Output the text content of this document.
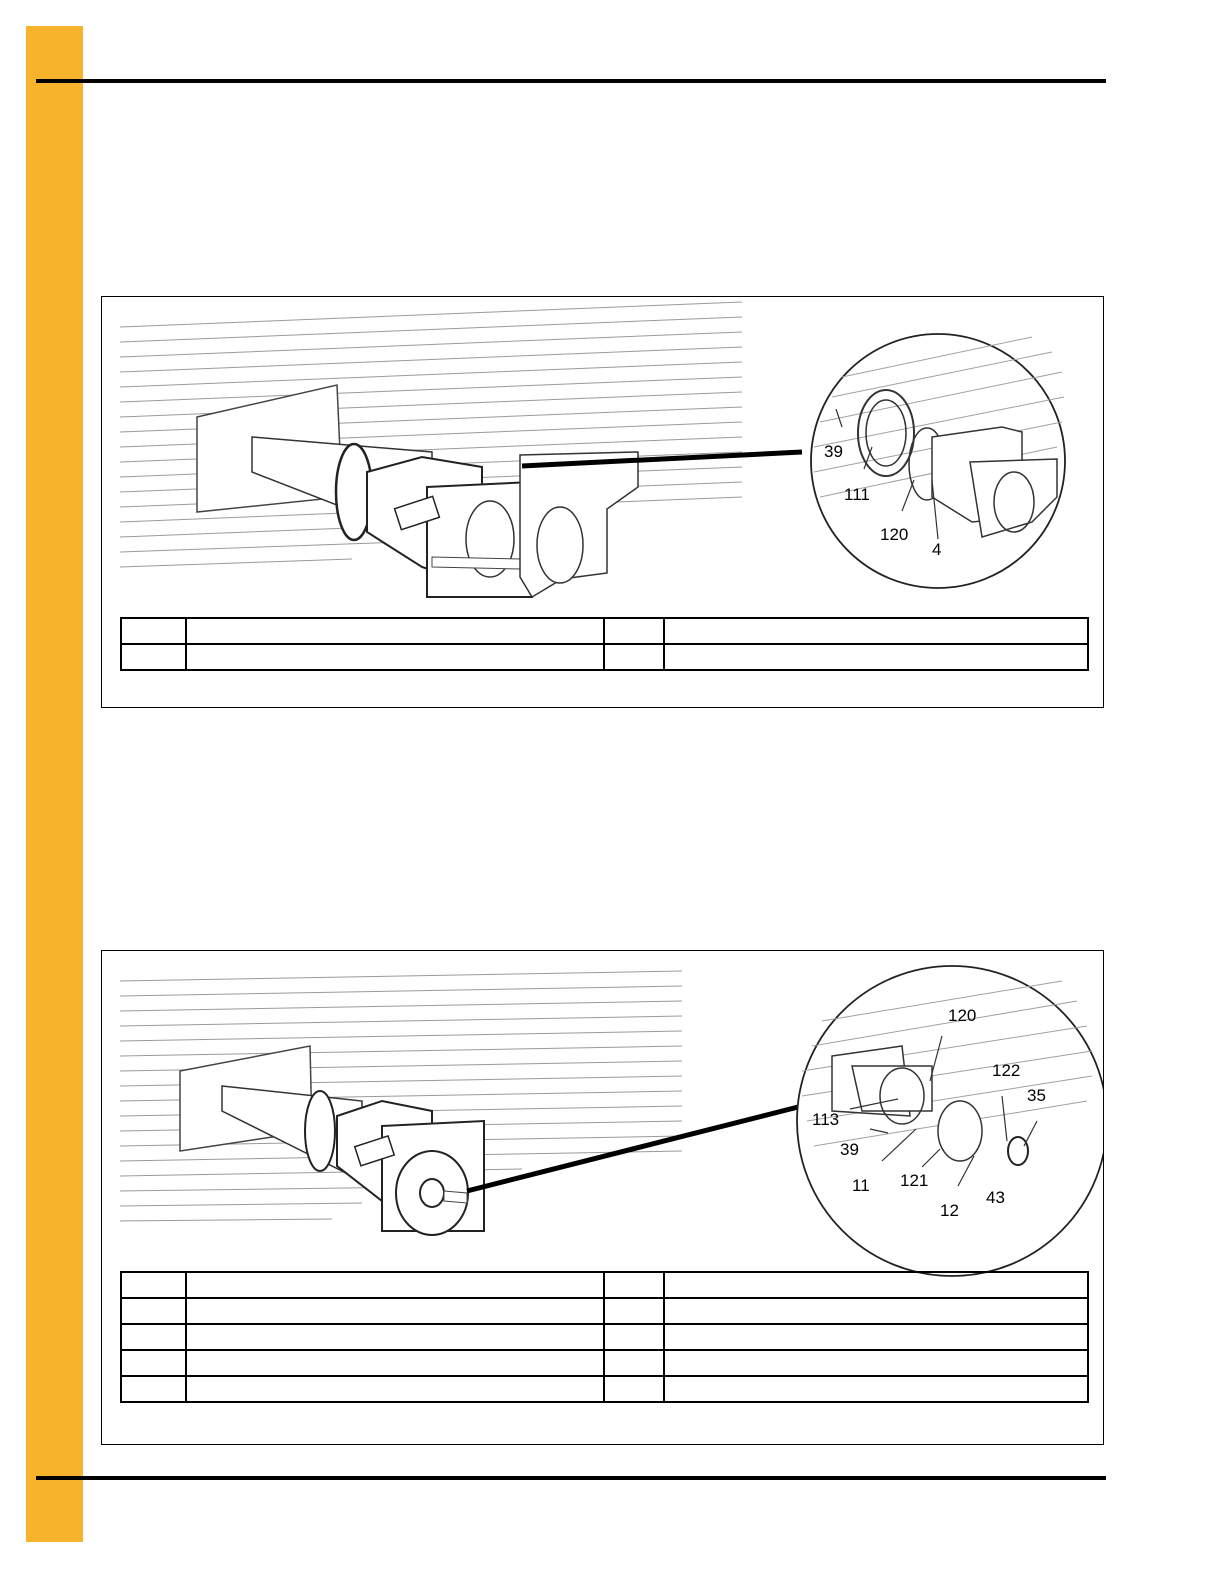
39
111
120
4

120
122
35
113
39
11 121
12
43
